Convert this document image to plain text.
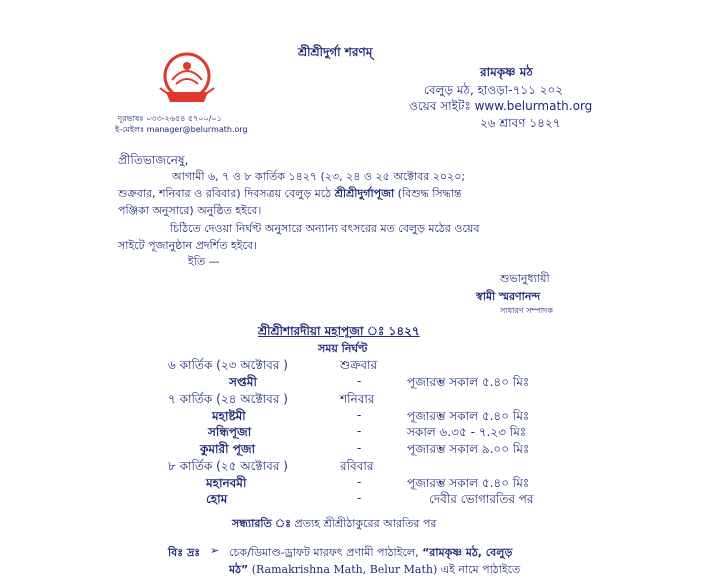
শ্রীশ্রীদুর্গা শরণম্
রামকৃষ্ণ মঠ
বেলুড় মঠ, হাওড়া-৭১১ ২০২
ওয়েব সাইটঃ www.belurmath.org
২৬ শ্রাবণ ১৪২৭
দূরভাষঃ ০৩৩-২৬৫৪ ৫৭০০/০১
ই-মেইলঃ manager@belurmath.org
প্রীতিভাজনেষু,
আগামী ৬, ৭ ও ৮ কার্তিক ১৪২৭ (২৩, ২৪ ও ২৫ অক্টোবর ২০২০;
শুক্রবার, শনিবার ও রবিবার) দিবসত্রয় বেলুড় মঠে শ্রীশ্রীদুর্গাপূজা (বিশুদ্ধ সিদ্ধান্ত
পঞ্জিকা অনুসারে) অনুষ্ঠিত হইবে।
চিঠিতে দেওয়া নির্ঘণ্ট অনুসারে অন্যান্য বৎসরের মত বেলুড় মঠের ওয়েব
সাইটে পূজানুষ্ঠান প্রদর্শিত হইবে।
ইতি —
শুভানুধ্যায়ী
স্বামী স্মরণানন্দ
সাধারণ সম্পাদক
শ্রীশ্রীশারদীয়া মহাপূজা ঃ ১৪২৭
সময় নির্ঘণ্ট
৬ কার্তিক (২৩ অক্টোবর )	শুক্রবার
সপ্তমী	-	পূজারম্ভ সকাল ৫.৪০ মিঃ
৭ কার্তিক (২৪ অক্টোবর )	শনিবার
মহাষ্টমী	-	পূজারম্ভ সকাল ৫.৪০ মিঃ
সন্ধিপূজা	-	সকাল ৬.৩৫ - ৭.২৩ মিঃ
কুমারী পূজা	-	পূজারম্ভ সকাল ৯.০০ মিঃ
৮ কার্তিক (২৫ অক্টোবর )	রবিবার
মহানবমী	-	পূজারম্ভ সকাল ৫.৪০ মিঃ
হোম	-	দেবীর ভোগারতির পর
সন্ধ্যারতি ঃ প্রত্যহ শ্রীশ্রীঠাকুরের আরতির পর
বিঃ দ্রঃ ➢ চেক/ডিমাণ্ড-ড্রাফট মারফৎ প্রণামী পাঠাইলে, “রামকৃষ্ণ মঠ, বেলুড়
মঠ” (Ramakrishna Math, Belur Math) এই নামে পাঠাইতে
